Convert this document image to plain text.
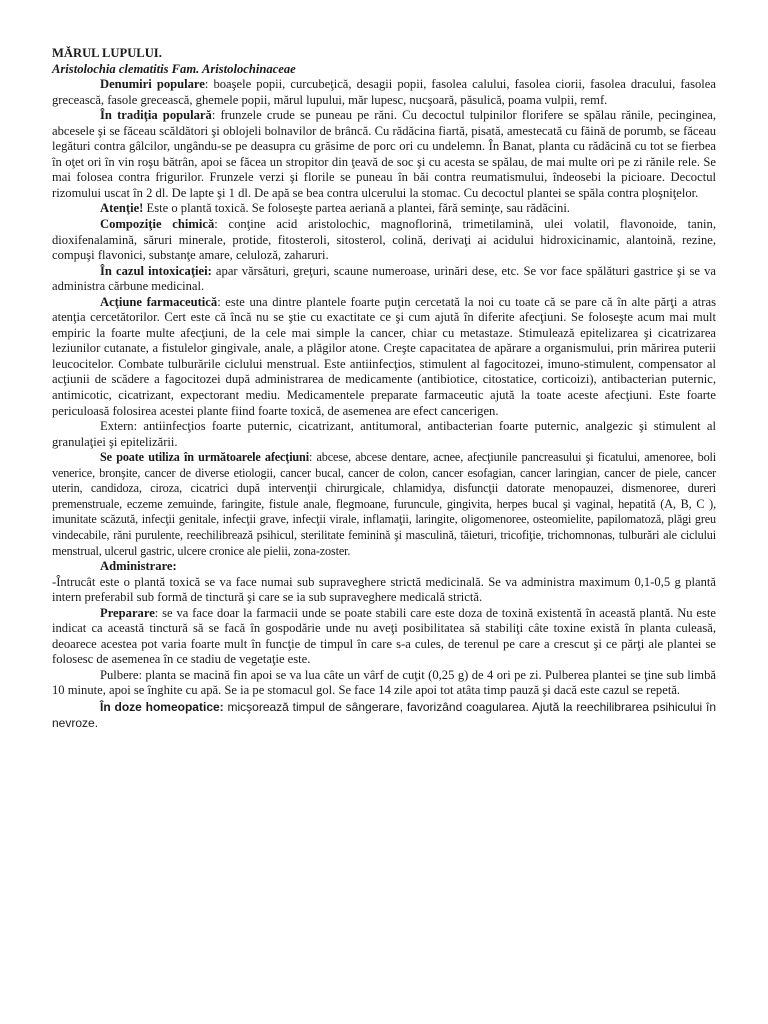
MĂRUL LUPULUI.
Aristolochia clematitis Fam. Aristolochinaceae

Denumiri populare: boaşele popii, curcubeţică, desagii popii, fasolea calului, fasolea ciorii, fasolea dracului, fasolea grecească, fasole grecească, ghemele popii, mărul lupului, măr lupesc, nucşoară, păsulică, poama vulpii, remf.

În tradiţia populară: frunzele crude se puneau pe răni. Cu decoctul tulpinilor florifere se spălau rănile, pecinginea, abcesele şi se făceau scăldători şi oblojeli bolnavilor de brâncă. Cu rădăcina fiartă, pisată, amestecată cu făină de porumb, se făceau legături contra gâlcilor, ungându-se pe deasupra cu grăsime de porc ori cu undelemn. În Banat, planta cu rădăcină cu tot se fierbea în oţet ori în vin roşu bătrân, apoi se făcea un stropitor din ţeavă de soc şi cu acesta se spălau, de mai multe ori pe zi rănile rele. Se mai folosea contra frigurilor. Frunzele verzi şi florile se puneau în băi contra reumatismului, îndeosebi la picioare. Decoctul rizomului uscat în 2 dl. De lapte şi 1 dl. De apă se bea contra ulcerului la stomac. Cu decoctul plantei se spăla contra ploşniţelor.

Atenţie! Este o plantă toxică. Se foloseşte partea aeriană a plantei, fără seminţe, sau rădăcini.

Compoziţie chimică: conţine acid aristolochic, magnoflorină, trimetilamină, ulei volatil, flavonoide, tanin, dioxifenalamină, săruri minerale, protide, fitosteroli, sitosterol, colină, derivaţi ai acidului hidroxicinamic, alantoină, rezine, compuşi flavonici, substanţe amare, celuloză, zaharuri.

În cazul intoxicaţiei: apar vărsături, greţuri, scaune numeroase, urinări dese, etc. Se vor face spălături gastrice şi se va administra cărbune medicinal.

Acţiune farmaceutică: este una dintre plantele foarte puţin cercetată la noi cu toate că se pare că în alte părţi a atras atenţia cercetătorilor. Cert este că încă nu se ştie cu exactitate ce şi cum ajută în diferite afecţiuni. Se foloseşte acum mai mult empiric la foarte multe afecţiuni, de la cele mai simple la cancer, chiar cu metastaze. Stimulează epitelizarea şi cicatrizarea leziunilor cutanate, a fistulelor gingivale, anale, a plăgilor atone. Creşte capacitatea de apărare a organismului, prin mărirea puterii leucocitelor. Combate tulburările ciclului menstrual. Este antiinfecţios, stimulent al fagocitozei, imuno-stimulent, compensator al acţiunii de scădere a fagocitozei după administrarea de medicamente (antibiotice, citostatice, corticoizi), antibacterian puternic, antimicotic, cicatrizant, expectorant mediu. Medicamentele preparate farmaceutic ajută la toate aceste afecţiuni. Este foarte periculoasă folosirea acestei plante fiind foarte toxică, de asemenea are efect cancerigen.

Extern: antiinfecţios foarte puternic, cicatrizant, antitumoral, antibacterian foarte puternic, analgezic şi stimulent al granulaţiei şi epitelizării.

Se poate utiliza în următoarele afecţiuni: abcese, abcese dentare, acnee, afecţiunile pancreasului şi ficatului, amenoree, boli venerice, bronşite, cancer de diverse etiologii, cancer bucal, cancer de colon, cancer esofagian, cancer laringian, cancer de piele, cancer uterin, candidoza, ciroza, cicatrici după intervenţii chirurgicale, chlamidya, disfuncţii datorate menopauzei, dismenoree, dureri premenstruale, eczeme zemuinde, faringite, fistule anale, flegmoane, furuncule, gingivita, herpes bucal şi vaginal, hepatită (A, B, C ), imunitate scăzută, infecţii genitale, infecţii grave, infecţii virale, inflamaţii, laringite, oligomenoree, osteomielite, papilomatoză, plăgi greu vindecabile, răni purulente, reechilibrează psihicul, sterilitate feminină şi masculină, tăieturi, tricofiţie, trichomnonas, tulburări ale ciclului menstrual, ulcerul gastric, ulcere cronice ale pielii, zona-zoster.

Administrare:

-Întrucât este o plantă toxică se va face numai sub supraveghere strictă medicinală. Se va administra maximum 0,1-0,5 g plantă intern preferabil sub formă de tinctură şi care se ia sub supraveghere medicală strictă.

Preparare: se va face doar la farmacii unde se poate stabili care este doza de toxină existentă în această plantă. Nu este indicat ca această tinctură să se facă în gospodărie unde nu aveţi posibilitatea să stabiliţi câte toxine există în planta culeasă, deoarece acestea pot varia foarte mult în funcţie de timpul în care s-a cules, de terenul pe care a crescut şi ce părţi ale plantei se folosesc de asemenea în ce stadiu de vegetaţie este.

Pulbere: planta se macină fin apoi se va lua câte un vârf de cuţit (0,25 g) de 4 ori pe zi. Pulberea plantei se ţine sub limbă 10 minute, apoi se înghite cu apă. Se ia pe stomacul gol. Se face 14 zile apoi tot atâta timp pauză şi dacă este cazul se repetă.

În doze homeopatice: micşorează timpul de sângerare, favorizând coagularea. Ajută la reechilibrarea psihicului în nevroze.
